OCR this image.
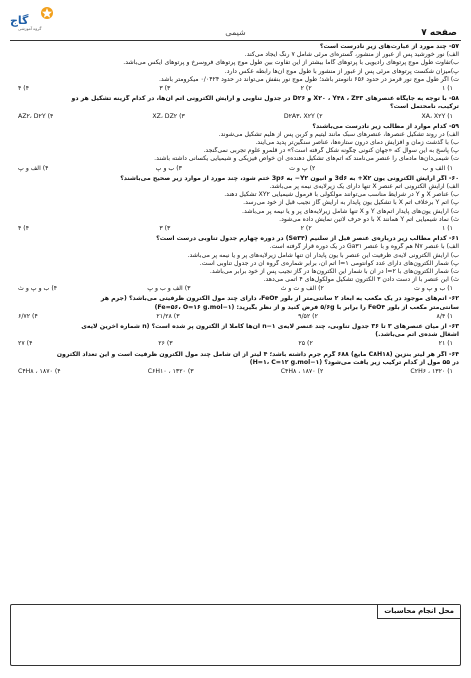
صفحه ۷
شیمی
گاج
گروه آموزشی
۵۷- چند مورد از عبارت‌های زیر نادرست است؟
الف) نور خورشید پس از عبور از منشور، گستره‌ای مرئی شامل ۷ رنگ ایجاد می‌کند.
ب)تفاوت طول موج پرتوهای رادیویی با پرتوهای گاما بیشتر از این تفاوت بین طول موج پرتوهای فروسرخ و پرتوهای ایکس می‌باشد.
پ)میزان شکست پرتوهای مرئی پس از عبور از منشور با طول موج آن‌ها رابطه عکس دارد.
ت) اگر طول موج نور قرمز در حدود ۶۵۶ نانومتر باشد؛ طول موج نور بنفش می‌تواند در حدود ۰/۰۴۲۴ میکرومتر باشد.
۱) ۱
۲) ۲
۳) ۳
۴) ۴
۵۸- با توجه به جایگاه عنصرهای X۲۰ ، Y۴۸ ، Z۴۳ و D۲۶ در جدول تناوبی و آرایش الکترونی اتم آن‌ها، در کدام گزینه تشکیل هر دو
ترکیب، نامحتمل است؟
۱) XA، X۲Y
۲) D۲A۳، X۲Y
۳) XZ، DZ۲
۴) AZ۲، D۲Y
۵۹- کدام موارد از مطالب زیر نادرست می‌باشند؟
الف) در روند تشکیل عنصرها، عنصرهای سبک مانند لیتیم و کربن پس از هلیم تشکیل می‌شوند.
ب) با گذشت زمان و افزایش دمای درون ستاره‌ها، عناصر سنگین‌تر پدید می‌آیند.
پ) پاسخ به این سوال که «جهان کنونی چگونه شکل گرفته است؟» در قلمرو علوم تجربی نمی‌گنجد.
ت) شیمی‌دان‌ها مادمای را عنصر می‌نامند که اتم‌های تشکیل دهنده‌ی آن خواص فیزیکی و شیمیایی یکسانی داشته باشند.
۱) الف و ب
۲) پ و ت
۳) ب و پ
۴) الف و پ
۶۰- اگر آرایش الکترونی یون X۲+ به 3d۶ و آنیون Y۲− به 3p۶ ختم شود، چند مورد از موارد زیر صحیح می‌باشند؟
الف) آرایش الکترونی اتم عنصر X تنها دارای یک زیرلایه‌ی نیمه پر می‌باشد.
ب) عناصر X و Y در شرایط مناسب می‌توانند مولکولی با فرمول شیمیایی XY۲ تشکیل دهند.
پ) اتم Y برخلاف اتم X با تشکیل یون پایدار به آرایش گاز نجیب قبل از خود می‌رسد.
ت) آرایش یون‌های پایدار اتم‌های Y و X تنها شامل زیرلایه‌های پر و یا نیمه پر می‌باشد.
ث) نماد شیمیایی اتم Y همانند X با دو حرف لاتین نمایش داده می‌شود.
۱) ۱
۲) ۲
۳) ۳
۴) ۴
۶۱- کدام مطالب زیر درباره‌ی عنصر قبل از سلنیم (Se۳۴) در دوره چهارم جدول تناوبی درست است؟
الف) با عنصر N۷ هم گروه و با عنصر Ga۳۱ در یک دوره قرار گرفته است.
ب) آرایش الکترونی لایه‌ی ظرفیت این عنصر با یون پایدار آن تنها شامل زیرلایه‌های پر و یا نیمه پر می‌باشد.
پ) شمار الکترون‌های دارای عدد کوانتومی l=۱ اتم آن، برابر شماره‌ی گروه آن در جدول تناوبی است.
ت) شمار الکترون‌های با l=۲ در آن با شمار این الکترون‌ها در گاز نجیب پس از خود برابر می‌باشد.
ث) این عنصر با از دست دادن ۳ الکترون تشکیل مولکول‌های ۴ اتمی می‌دهد.
۱) ب و پ و ت
۲) الف و ت و ث
۳) الف و ب و پ
۴) ب و پ و ث
۶۲- اتم‌های موجود در یک مکعب به ابعاد ۲ سانتی‌متر از بلور FeO۴، دارای چند مول الکترون ظرفیتی می‌باشد؟ (جرم هر
سانتی‌متر مکعب از بلور FeO۴ را برابر با ۵/۶g فرض کنید و از نظر بگیرید: (Fe=۵۶، O=۱۶ g.mol−۱)
۱) ۸/۴
۲) ۹/۵۲
۳) ۲۱/۲۸
۴) ۶/۷۲
۶۳- از میان عنصرهای ۳ تا ۳۶ جدول تناوبی، چند عنصر لایه‌ی n−۱ آن‌ها کاملا از الکترون پر شده است؟ (n شماره آخرین لایه‌ی
اشغال شده‌ی اتم می‌باشد.)
۱) ۲۱
۲) ۲۵
۳) ۲۶
۴) ۲۷
۶۴- اگر هر لیتر بنزین (C۸H۱۸ مایع) ۶۸۸ گرم جرم داشته باشد؛ ۴ لیتر از آن شامل چند مول الکترون ظرفیت است و این تعداد الکترون
در ۵۵ مول از کدام ترکیب زیر یافت می‌شود؟ (H=۱، C=۱۲ g.mol−۱)
۱) C۲H۶ ، ۱۳۲۰
۲) C۴H۸ ، ۱۸۷۰
۳) C۶H۱۰ ، ۱۳۲۰
۴) C۴H۸ ، ۱۸۷۰
محل انجام محاسبات
